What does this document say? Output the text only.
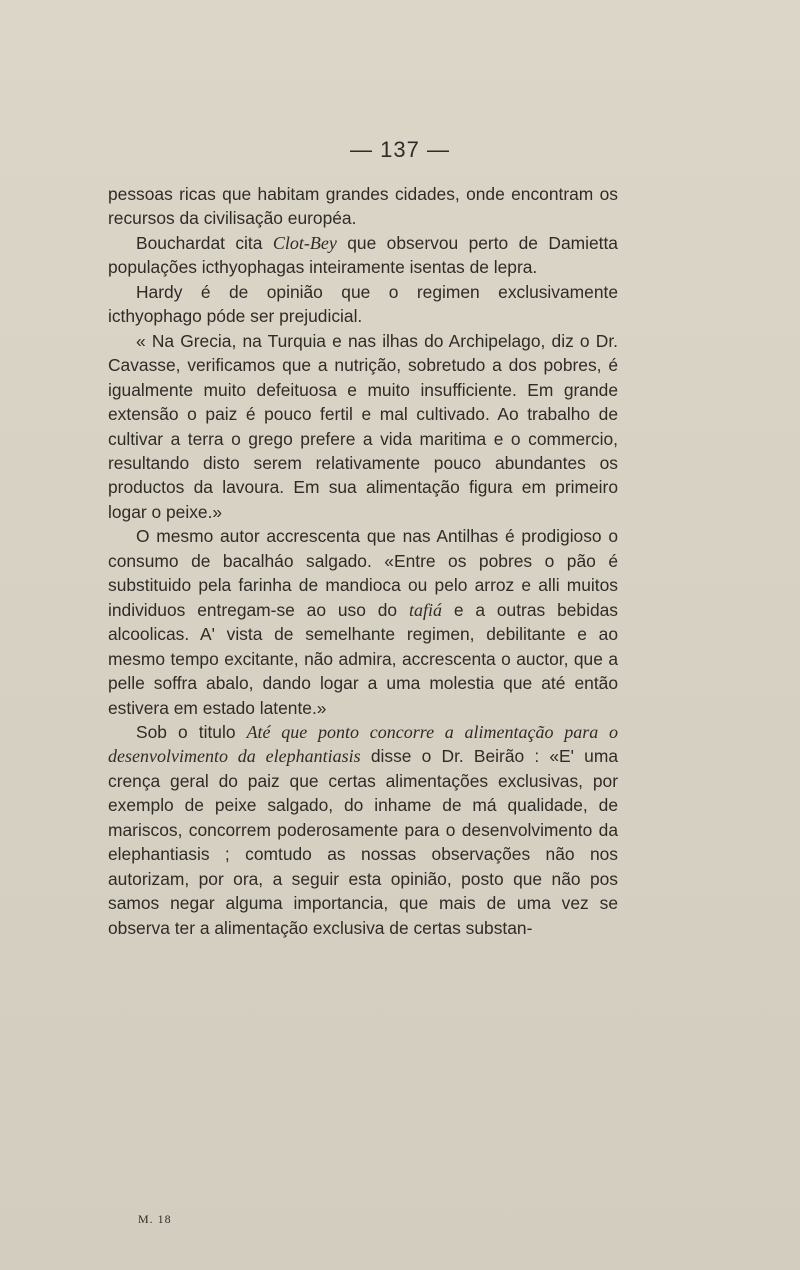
— 137 —

pessoas ricas que habitam grandes cidades, onde encontram os recursos da civilisação européa.

Bouchardat cita Clot-Bey que observou perto de Damietta populações icthyophagas inteiramente isentas de lepra.

Hardy é de opinião que o regimen exclusivamente icthyophago póde ser prejudicial.

« Na Grecia, na Turquia e nas ilhas do Archipelago, diz o Dr. Cavasse, verificamos que a nutrição, sobretudo a dos pobres, é igualmente muito defeituosa e muito insufficiente. Em grande extensão o paiz é pouco fertil e mal cultivado. Ao trabalho de cultivar a terra o grego prefere a vida maritima e o commercio, resultando disto serem relativamente pouco abundantes os productos da lavoura. Em sua alimentação figura em primeiro logar o peixe.»

O mesmo autor accrescenta que nas Antilhas é prodigioso o consumo de bacalháo salgado. «Entre os pobres o pão é substituido pela farinha de mandioca ou pelo arroz e alli muitos individuos entregam-se ao uso do tafiá e a outras bebidas alcoolicas. A' vista de semelhante regimen, debilitante e ao mesmo tempo excitante, não admira, accrescenta o auctor, que a pelle soffra abalo, dando logar a uma molestia que até então estivera em estado latente.»

Sob o titulo Até que ponto concorre a alimentação para o desenvolvimento da elephantiasis disse o Dr. Beirão : «E' uma crença geral do paiz que certas alimentações exclusivas, por exemplo de peixe salgado, do inhame de má qualidade, de mariscos, concorrem poderosamente para o desenvolvimento da elephantiasis ; comtudo as nossas observações não nos autorizam, por ora, a seguir esta opinião, posto que não pos samos negar alguma importancia, que mais de uma vez se observa ter a alimentação exclusiva de certas substan-

M. 18
